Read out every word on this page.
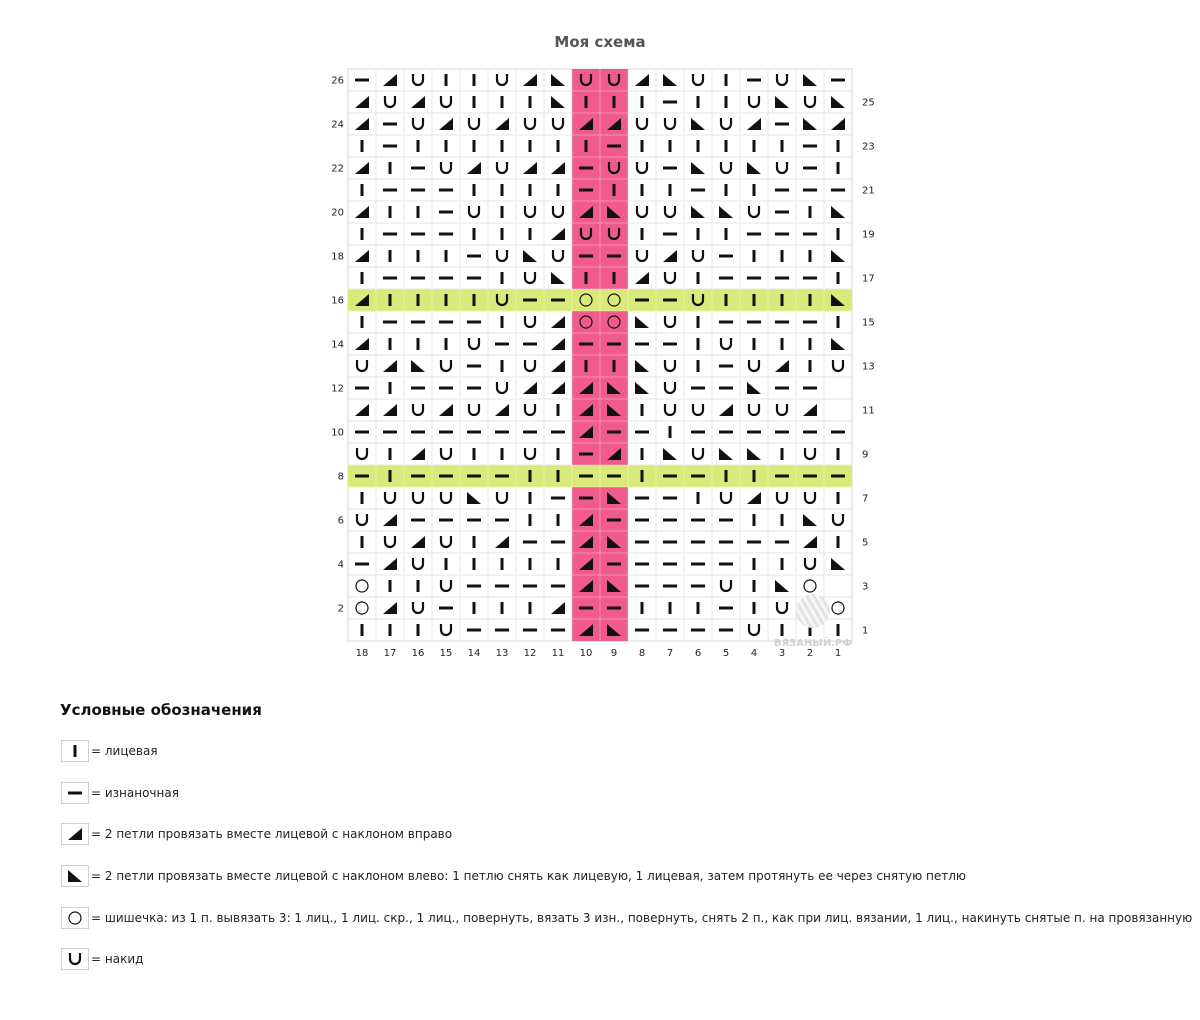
Моя схема
26
25
24
23
22
21
20
19
18
17
16
15
14
13
12
11
10
9
8
7
6
5
4
3
2
1
18 17 16 15 14 13 12 11 10 9 8 7 6 5 4 3 2 1
ВЯЗАНЫЙ.РФ
Условные обозначения
= лицевая
= изнаночная
= 2 петли провязать вместе лицевой с наклоном вправо
= 2 петли провязать вместе лицевой с наклоном влево: 1 петлю снять как лицевую, 1 лицевая, затем протянуть ее через снятую петлю
= шишечка: из 1 п. вывязать 3: 1 лиц., 1 лиц. скр., 1 лиц., повернуть, вязать 3 изн., повернуть, снять 2 п., как при лиц. вязании, 1 лиц., накинуть снятые п. на провязанную
= накид
